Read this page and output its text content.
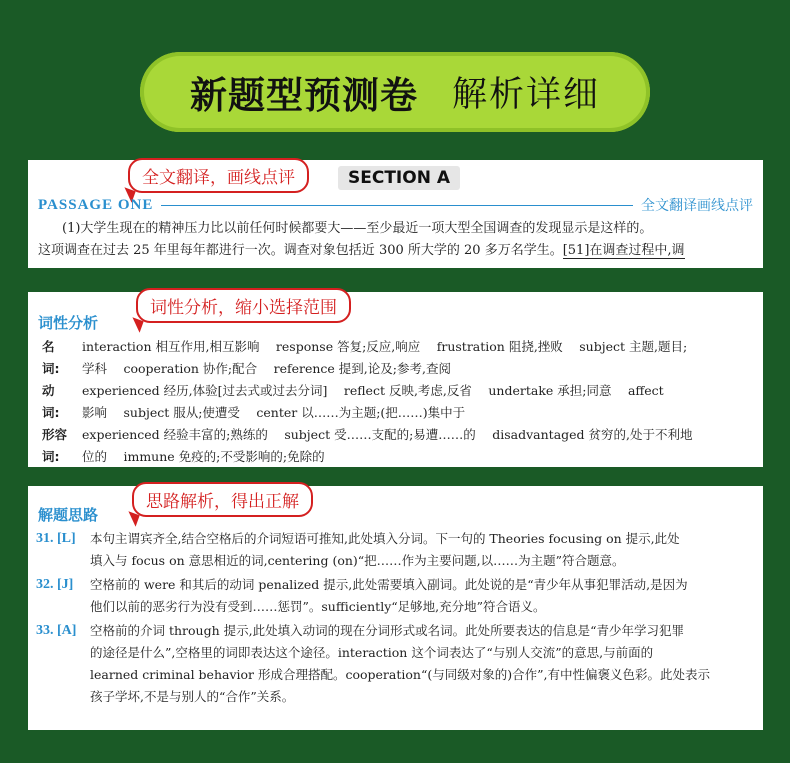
新题型预测卷 解析详细
全文翻译，画线点评	SECTION A
PASSAGE ONE	全文翻译画线点评

(1)大学生现在的精神压力比以前任何时候都要大——至少最近一项大型全国调查的发现显示是这样的。

这项调查在过去 25 年里每年都进行一次。调查对象包括近 300 所大学的 20 多万名学生。[51]在调查过程中,调

词性分析，缩小选择范围
词性分析
名　词:

interaction 相互作用,相互影响　 response 答复;反应,响应　 frustration 阻挠,挫败　 subject 主题,题目;

学科　 cooperation 协作;配合　 reference 提到,论及;参考,查阅

动　词:

experienced 经历,体验[过去式或过去分词]　 reflect 反映,考虑,反省　 undertake 承担;同意　 affect

影响　 subject 服从;使遭受　 center 以……为主题;(把……)集中于

形容词:

experienced 经验丰富的;熟练的　 subject 受……支配的;易遭……的　 disadvantaged 贫穷的,处于不利地

位的　 immune 免疫的;不受影响的;免除的

思路解析，得出正解
解题思路
31. [L]	本句主谓宾齐全,结合空格后的介词短语可推知,此处填入分词。下一句的 Theories focusing on 提示,此处

填入与 focus on 意思相近的词,centering (on)“把……作为主要问题,以……为主题”符合题意。

32. [J]	空格前的 were 和其后的动词 penalized 提示,此处需要填入副词。此处说的是“青少年从事犯罪活动,是因为

他们以前的恶劣行为没有受到……惩罚”。sufficiently“足够地,充分地”符合语义。

33. [A]	空格前的介词 through 提示,此处填入动词的现在分词形式或名词。此处所要表达的信息是“青少年学习犯罪

的途径是什么”,空格里的词即表达这个途径。interaction 这个词表达了“与别人交流”的意思,与前面的

learned criminal behavior 形成合理搭配。cooperation“(与同级对象的)合作”,有中性偏褒义色彩。此处表示

孩子学坏,不是与别人的“合作”关系。
